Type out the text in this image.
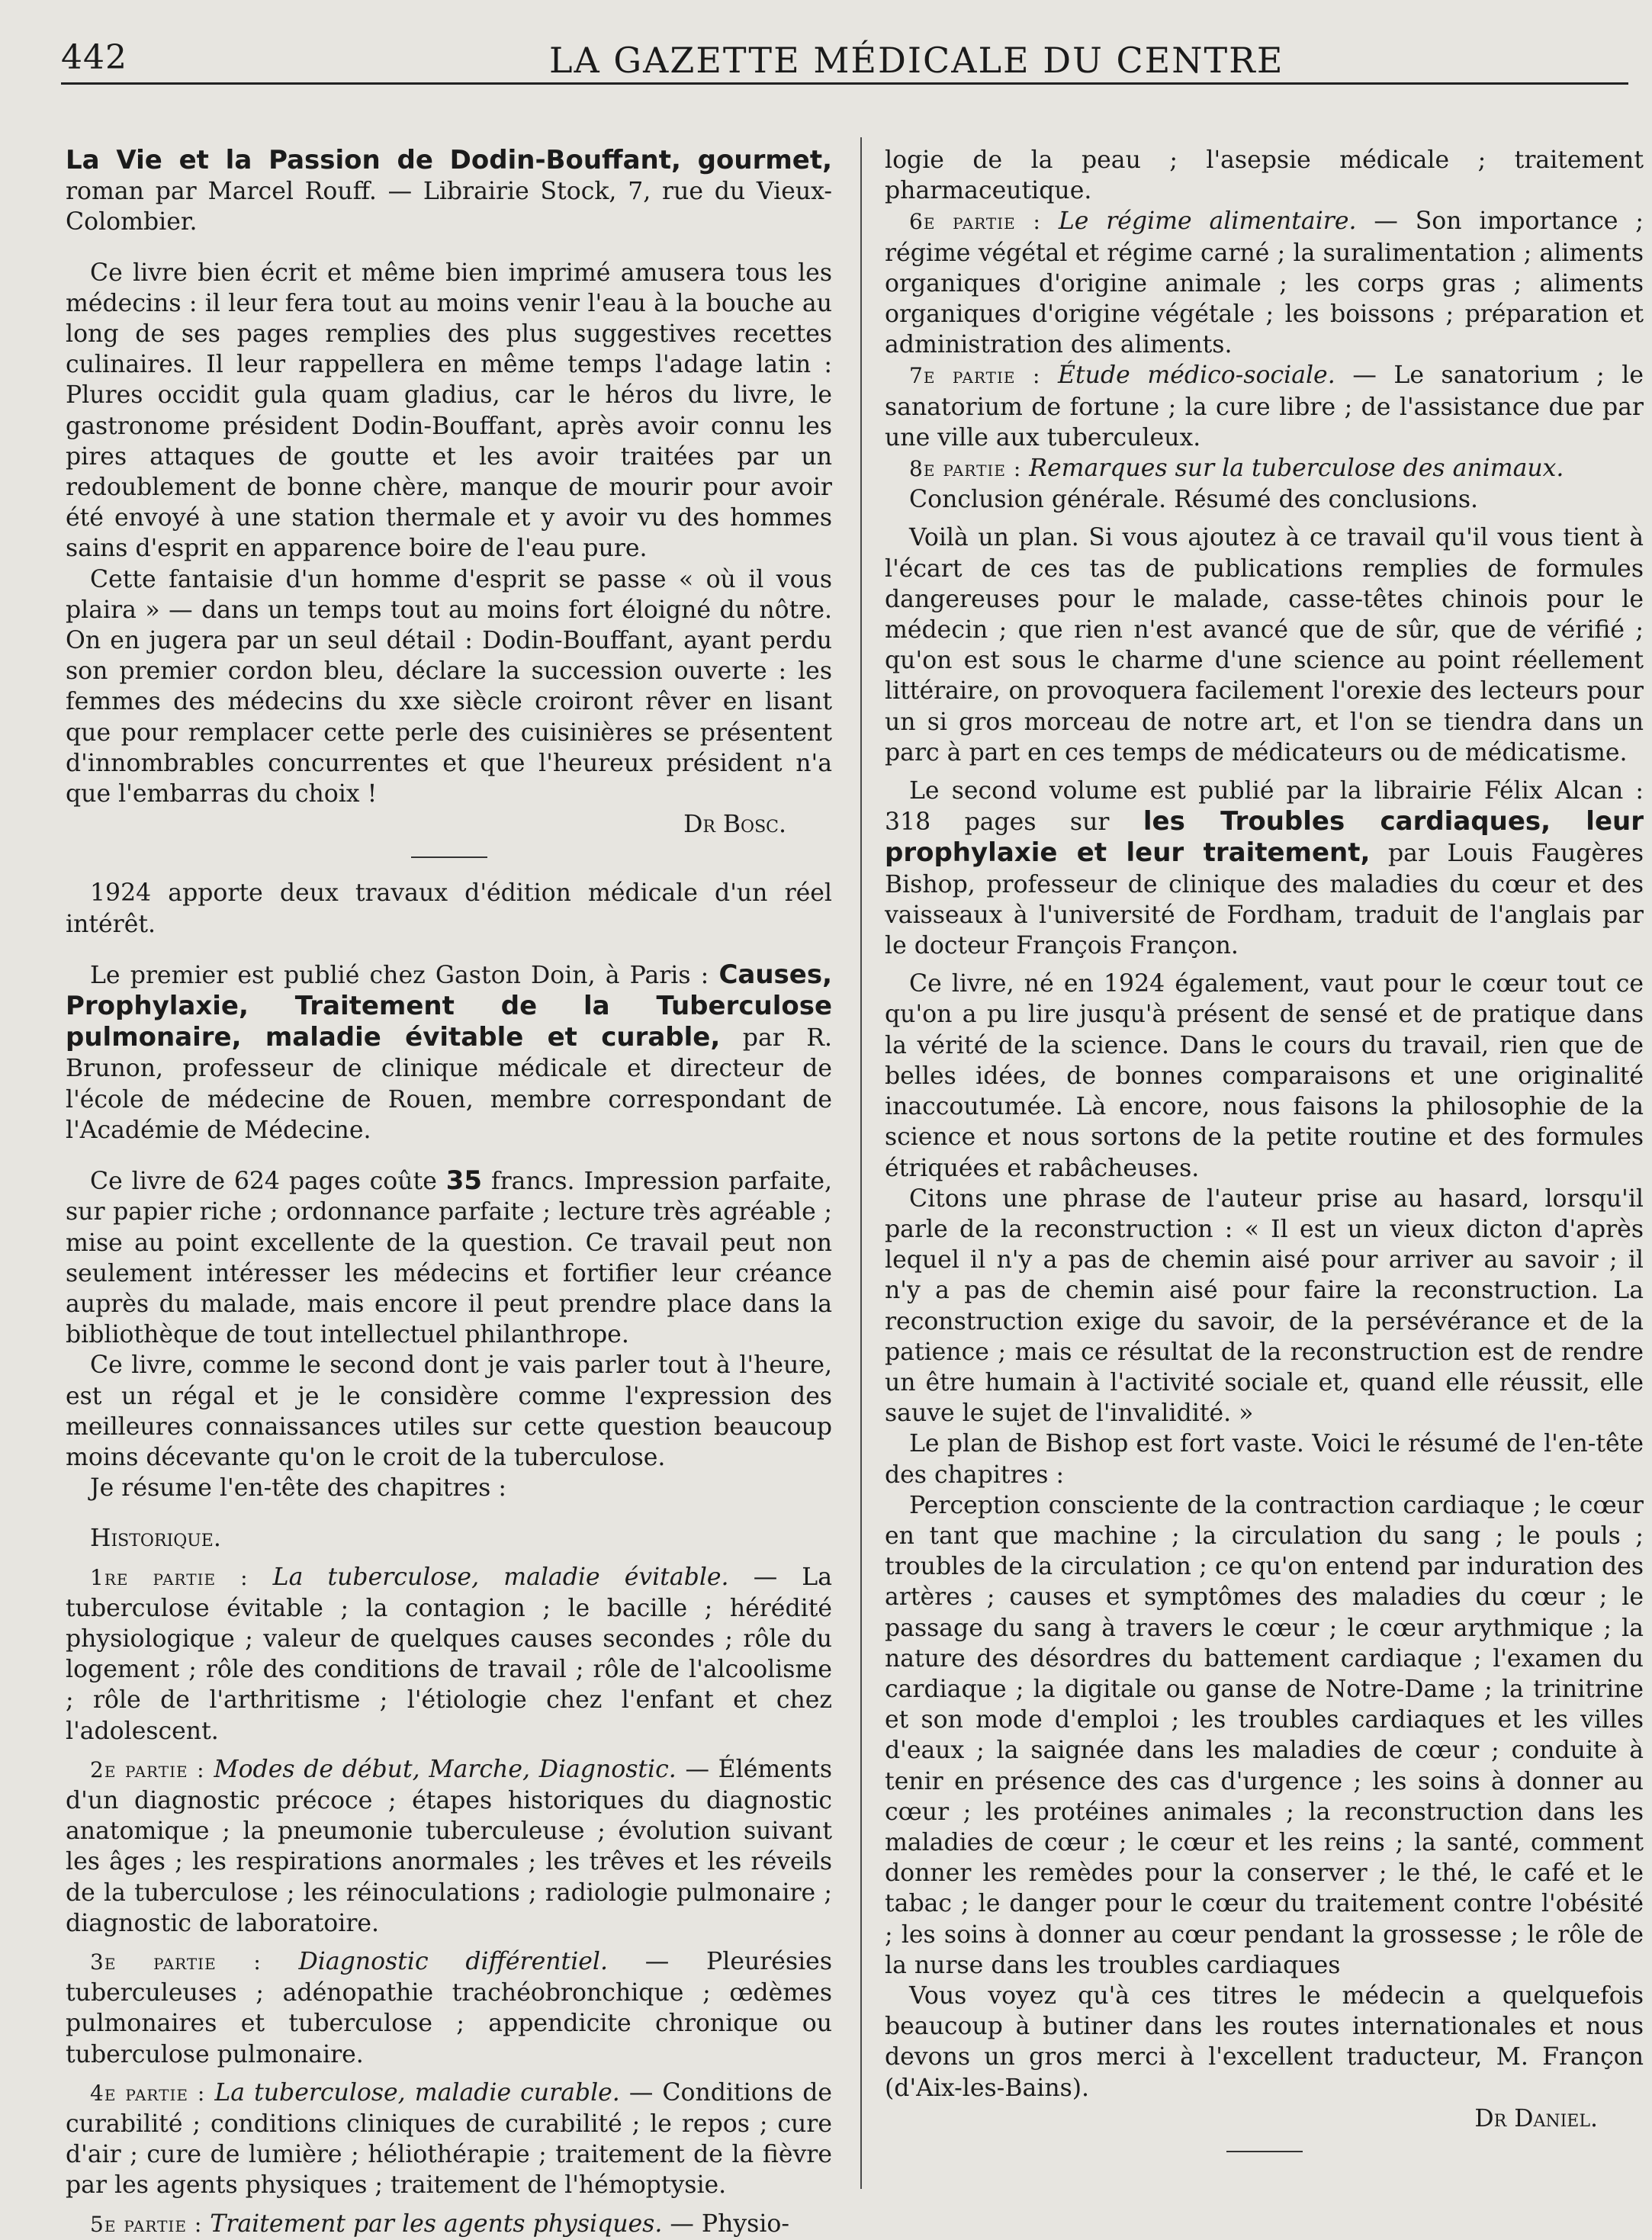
442	LA GAZETTE MÉDICALE DU CENTRE

La Vie et la Passion de Dodin-Bouffant, gourmet, roman par Marcel Rouff. — Librairie Stock, 7, rue du Vieux-Colombier.

Ce livre bien écrit et même bien imprimé amusera tous les médecins : il leur fera tout au moins venir l'eau à la bouche au long de ses pages remplies des plus suggestives recettes culinaires. Il leur rappellera en même temps l'adage latin : Plures occidit gula quam gladius, car le héros du livre, le gastronome président Dodin-Bouffant, après avoir connu les pires attaques de goutte et les avoir traitées par un redoublement de bonne chère, manque de mourir pour avoir été envoyé à une station thermale et y avoir vu des hommes sains d'esprit en apparence boire de l'eau pure.

Cette fantaisie d'un homme d'esprit se passe « où il vous plaira » — dans un temps tout au moins fort éloigné du nôtre. On en jugera par un seul détail : Dodin-Bouffant, ayant perdu son premier cordon bleu, déclare la succession ouverte : les femmes des médecins du xxe siècle croiront rêver en lisant que pour remplacer cette perle des cuisinières se présentent d'innombrables concurrentes et que l'heureux président n'a que l'embarras du choix !

Dr Bosc.

1924 apporte deux travaux d'édition médicale d'un réel intérêt.

Le premier est publié chez Gaston Doin, à Paris : Causes, Prophylaxie, Traitement de la Tuberculose pulmonaire, maladie évitable et curable, par R. Brunon, professeur de clinique médicale et directeur de l'école de médecine de Rouen, membre correspondant de l'Académie de Médecine.

Ce livre de 624 pages coûte 35 francs. Impression parfaite, sur papier riche ; ordonnance parfaite ; lecture très agréable ; mise au point excellente de la question. Ce travail peut non seulement intéresser les médecins et fortifier leur créance auprès du malade, mais encore il peut prendre place dans la bibliothèque de tout intellectuel philanthrope.

Ce livre, comme le second dont je vais parler tout à l'heure, est un régal et je le considère comme l'expression des meilleures connaissances utiles sur cette question beaucoup moins décevante qu'on le croit de la tuberculose.

Je résume l'en-tête des chapitres :

Historique.

1re partie : La tuberculose, maladie évitable. — La tuberculose évitable ; la contagion ; le bacille ; hérédité physiologique ; valeur de quelques causes secondes ; rôle du logement ; rôle des conditions de travail ; rôle de l'alcoolisme ; rôle de l'arthritisme ; l'étiologie chez l'enfant et chez l'adolescent.

2e partie : Modes de début, Marche, Diagnostic. — Éléments d'un diagnostic précoce ; étapes historiques du diagnostic anatomique ; la pneumonie tuberculeuse ; évolution suivant les âges ; les respirations anormales ; les trêves et les réveils de la tuberculose ; les réinoculations ; radiologie pulmonaire ; diagnostic de laboratoire.

3e partie : Diagnostic différentiel. — Pleurésies tuberculeuses ; adénopathie trachéobronchique ; œdèmes pulmonaires et tuberculose ; appendicite chronique ou tuberculose pulmonaire.

4e partie : La tuberculose, maladie curable. — Conditions de curabilité ; conditions cliniques de curabilité ; le repos ; cure d'air ; cure de lumière ; héliothérapie ; traitement de la fièvre par les agents physiques ; traitement de l'hémoptysie.

5e partie : Traitement par les agents physiques. — Physio-

logie de la peau ; l'asepsie médicale ; traitement pharmaceutique.

6e partie : Le régime alimentaire. — Son importance ; régime végétal et régime carné ; la suralimentation ; aliments organiques d'origine animale ; les corps gras ; aliments organiques d'origine végétale ; les boissons ; préparation et administration des aliments.

7e partie : Étude médico-sociale. — Le sanatorium ; le sanatorium de fortune ; la cure libre ; de l'assistance due par une ville aux tuberculeux.

8e partie : Remarques sur la tuberculose des animaux.

Conclusion générale. Résumé des conclusions.

Voilà un plan. Si vous ajoutez à ce travail qu'il vous tient à l'écart de ces tas de publications remplies de formules dangereuses pour le malade, casse-têtes chinois pour le médecin ; que rien n'est avancé que de sûr, que de vérifié ; qu'on est sous le charme d'une science au point réellement littéraire, on provoquera facilement l'orexie des lecteurs pour un si gros morceau de notre art, et l'on se tiendra dans un parc à part en ces temps de médicateurs ou de médicatisme.

Le second volume est publié par la librairie Félix Alcan : 318 pages sur les Troubles cardiaques, leur prophylaxie et leur traitement, par Louis Faugères Bishop, professeur de clinique des maladies du cœur et des vaisseaux à l'université de Fordham, traduit de l'anglais par le docteur François Françon.

Ce livre, né en 1924 également, vaut pour le cœur tout ce qu'on a pu lire jusqu'à présent de sensé et de pratique dans la vérité de la science. Dans le cours du travail, rien que de belles idées, de bonnes comparaisons et une originalité inaccoutumée. Là encore, nous faisons la philosophie de la science et nous sortons de la petite routine et des formules étriquées et rabâcheuses.

Citons une phrase de l'auteur prise au hasard, lorsqu'il parle de la reconstruction : « Il est un vieux dicton d'après lequel il n'y a pas de chemin aisé pour arriver au savoir ; il n'y a pas de chemin aisé pour faire la reconstruction. La reconstruction exige du savoir, de la persévérance et de la patience ; mais ce résultat de la reconstruction est de rendre un être humain à l'activité sociale et, quand elle réussit, elle sauve le sujet de l'invalidité. »

Le plan de Bishop est fort vaste. Voici le résumé de l'en-tête des chapitres :

Perception consciente de la contraction cardiaque ; le cœur en tant que machine ; la circulation du sang ; le pouls ; troubles de la circulation ; ce qu'on entend par induration des artères ; causes et symptômes des maladies du cœur ; le passage du sang à travers le cœur ; le cœur arythmique ; la nature des désordres du battement cardiaque ; l'examen du cardiaque ; la digitale ou ganse de Notre-Dame ; la trinitrine et son mode d'emploi ; les troubles cardiaques et les villes d'eaux ; la saignée dans les maladies de cœur ; conduite à tenir en présence des cas d'urgence ; les soins à donner au cœur ; les protéines animales ; la reconstruction dans les maladies de cœur ; le cœur et les reins ; la santé, comment donner les remèdes pour la conserver ; le thé, le café et le tabac ; le danger pour le cœur du traitement contre l'obésité ; les soins à donner au cœur pendant la grossesse ; le rôle de la nurse dans les troubles cardiaques

Vous voyez qu'à ces titres le médecin a quelquefois beaucoup à butiner dans les routes internationales et nous devons un gros merci à l'excellent traducteur, M. Françon (d'Aix-les-Bains).

Dr Daniel.
